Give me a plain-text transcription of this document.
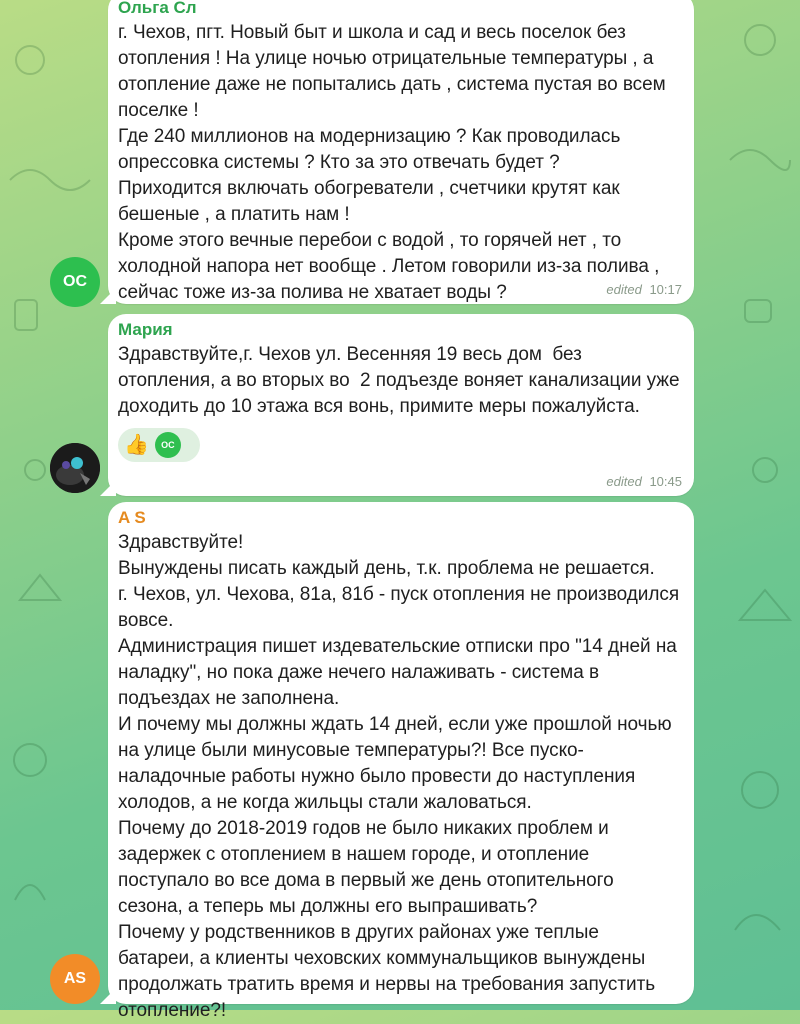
Ольга Сл
г. Чехов, пгт. Новый быт и школа и сад и весь поселок без отопления ! На улице ночью отрицательные температуры , а отопление даже не попытались дать , система пустая во всем поселке !
Где 240 миллионов на модернизацию ? Как проводилась опрессовка системы ? Кто за это отвечать будет ?
Приходится включать обогреватели , счетчики крутят как бешеные , а платить нам !
Кроме этого вечные перебои с водой , то горячей нет , то холодной напора нет вообще . Летом говорили из-за полива , сейчас тоже из-за полива не хватает воды ?	edited 10:17
ОС
Мария
Здравствуйте,г. Чехов ул. Весенняя 19 весь дом  без отопления, а во вторых во  2 подъезде воняет канализации уже доходить до 10 этажа вся вонь, примите меры пожалуйста.
👍	ОС
edited 10:45
A S
Здравствуйте!
Вынуждены писать каждый день, т.к. проблема не решается.
г. Чехов, ул. Чехова, 81а, 81б - пуск отопления не производился вовсе.
Администрация пишет издевательские отписки про "14 дней на наладку", но пока даже нечего налаживать - система в подъездах не заполнена.
И почему мы должны ждать 14 дней, если уже прошлой ночью на улице были минусовые температуры?! Все пуско-наладочные работы нужно было провести до наступления холодов, а не когда жильцы стали жаловаться.
Почему до 2018-2019 годов не было никаких проблем и задержек с отоплением в нашем городе, и отопление поступало во все дома в первый же день отопительного сезона, а теперь мы должны его выпрашивать?
Почему у родственников в других районах уже теплые батареи, а клиенты чеховских коммунальщиков вынуждены продолжать тратить время и нервы на требования запустить отопление?!
AS
